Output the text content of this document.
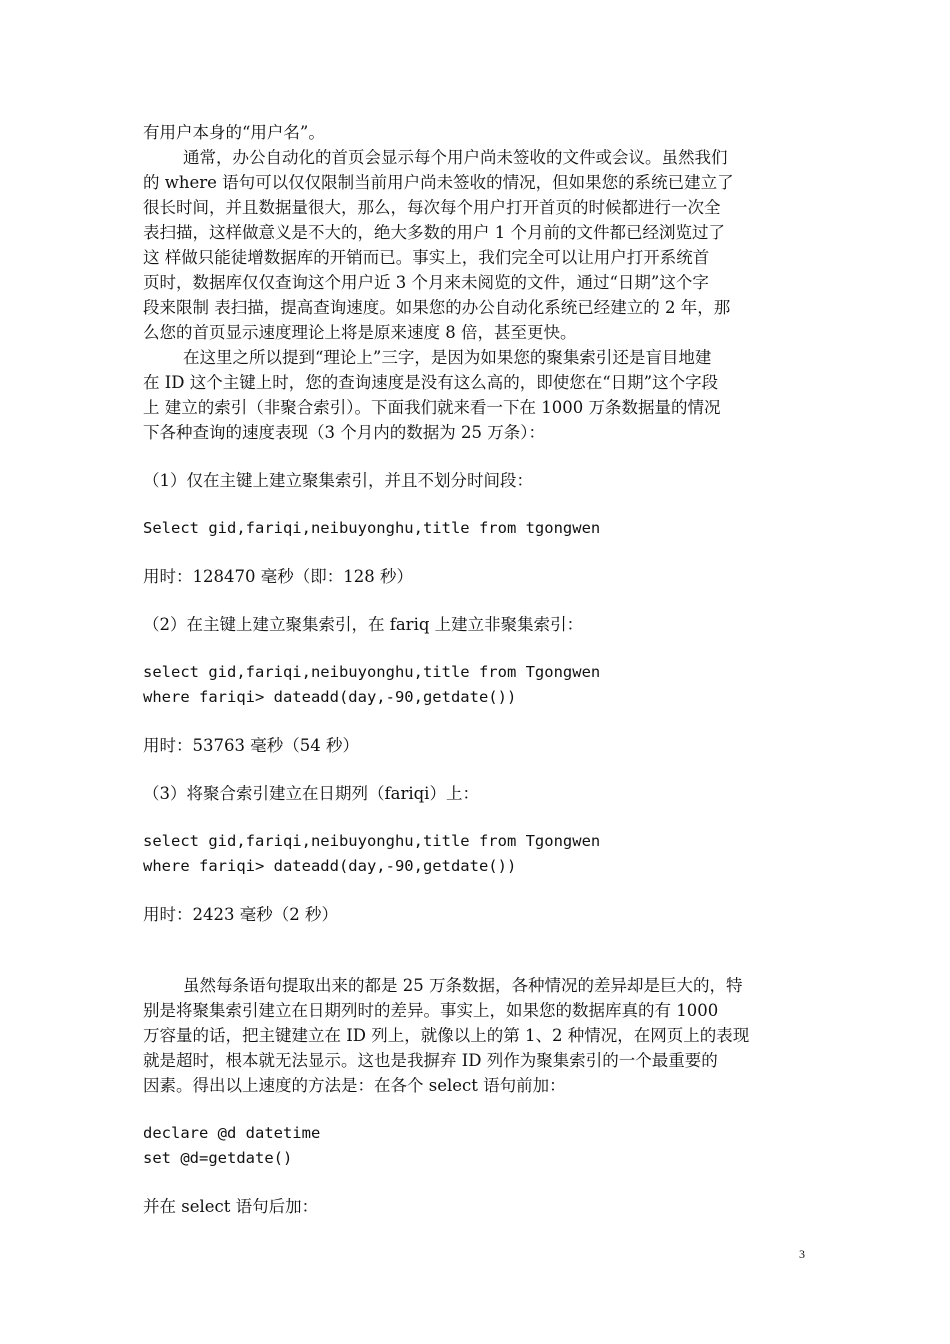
有用户本身的“用户名”。

通常，办公自动化的首页会显示每个用户尚未签收的文件或会议。虽然我们
的 where 语句可以仅仅限制当前用户尚未签收的情况，但如果您的系统已建立了
很长时间，并且数据量很大，那么，每次每个用户打开首页的时候都进行一次全
表扫描，这样做意义是不大的，绝大多数的用户 1 个月前的文件都已经浏览过了
这 样做只能徒增数据库的开销而已。事实上，我们完全可以让用户打开系统首
页时，数据库仅仅查询这个用户近 3 个月来未阅览的文件，通过“日期”这个字
段来限制 表扫描，提高查询速度。如果您的办公自动化系统已经建立的 2 年，那
么您的首页显示速度理论上将是原来速度 8 倍，甚至更快。

在这里之所以提到“理论上”三字，是因为如果您的聚集索引还是盲目地建
在 ID 这个主键上时，您的查询速度是没有这么高的，即使您在“日期”这个字段
上 建立的索引（非聚合索引）。下面我们就来看一下在 1000 万条数据量的情况
下各种查询的速度表现（3 个月内的数据为 25 万条）：

（1）仅在主键上建立聚集索引，并且不划分时间段：

Select gid,fariqi,neibuyonghu,title from tgongwen

用时：128470 毫秒（即：128 秒）

（2）在主键上建立聚集索引，在 fariq 上建立非聚集索引：

select gid,fariqi,neibuyonghu,title from Tgongwen

where fariqi> dateadd(day,-90,getdate())

用时：53763 毫秒（54 秒）

（3）将聚合索引建立在日期列（fariqi）上：

select gid,fariqi,neibuyonghu,title from Tgongwen

where fariqi> dateadd(day,-90,getdate())

用时：2423 毫秒（2 秒）

虽然每条语句提取出来的都是 25 万条数据，各种情况的差异却是巨大的，特
别是将聚集索引建立在日期列时的差异。事实上，如果您的数据库真的有 1000
万容量的话，把主键建立在 ID 列上，就像以上的第 1、2 种情况，在网页上的表现
就是超时，根本就无法显示。这也是我摒弃 ID 列作为聚集索引的一个最重要的
因素。得出以上速度的方法是：在各个 select 语句前加：

declare @d datetime

set @d=getdate()

并在 select 语句后加：

3
